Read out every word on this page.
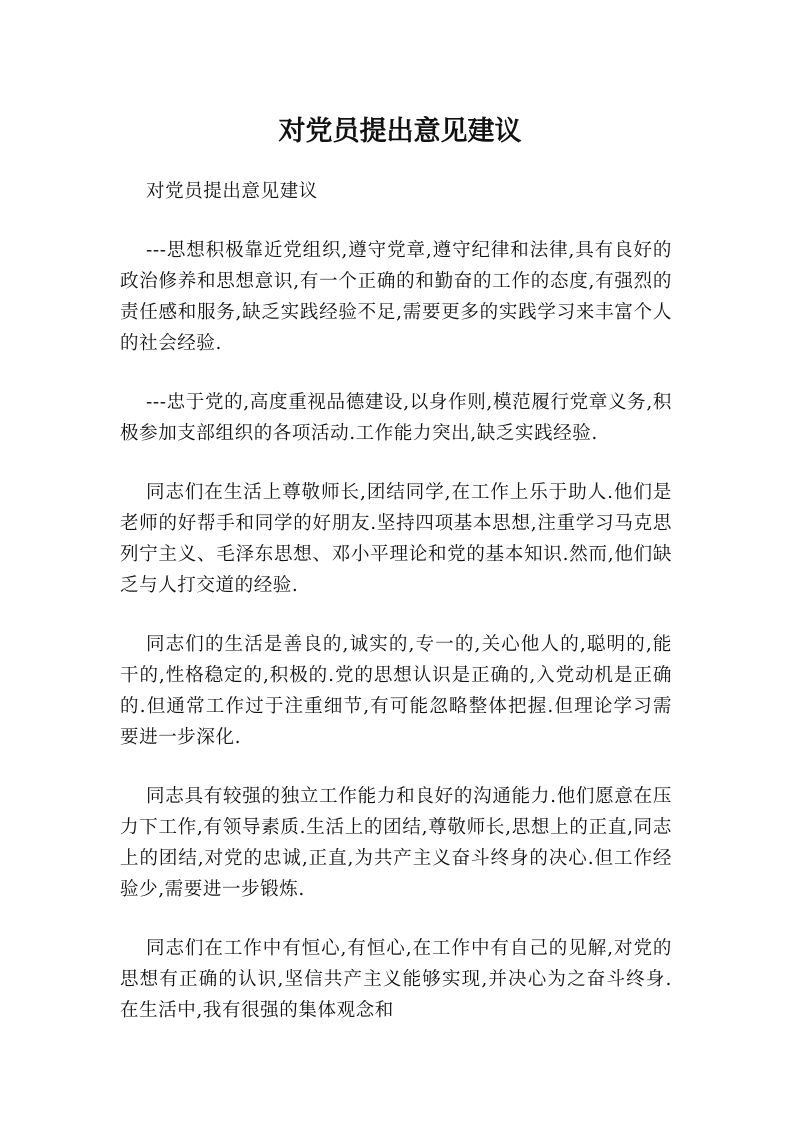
对党员提出意见建议

对党员提出意见建议

---思想积极靠近党组织,遵守党章,遵守纪律和法律,具有良好的政治修养和思想意识,有一个正确的和勤奋的工作的态度,有强烈的责任感和服务,缺乏实践经验不足,需要更多的实践学习来丰富个人的社会经验.

---忠于党的,高度重视品德建设,以身作则,模范履行党章义务,积极参加支部组织的各项活动.工作能力突出,缺乏实践经验.

同志们在生活上尊敬师长,团结同学,在工作上乐于助人.他们是老师的好帮手和同学的好朋友.坚持四项基本思想,注重学习马克思列宁主义、毛泽东思想、邓小平理论和党的基本知识.然而,他们缺乏与人打交道的经验.

同志们的生活是善良的,诚实的,专一的,关心他人的,聪明的,能干的,性格稳定的,积极的.党的思想认识是正确的,入党动机是正确的.但通常工作过于注重细节,有可能忽略整体把握.但理论学习需要进一步深化.

同志具有较强的独立工作能力和良好的沟通能力.他们愿意在压力下工作,有领导素质.生活上的团结,尊敬师长,思想上的正直,同志上的团结,对党的忠诚,正直,为共产主义奋斗终身的决心.但工作经验少,需要进一步锻炼.

同志们在工作中有恒心,有恒心,在工作中有自己的见解,对党的思想有正确的认识,坚信共产主义能够实现,并决心为之奋斗终身.在生活中,我有很强的集体观念和
